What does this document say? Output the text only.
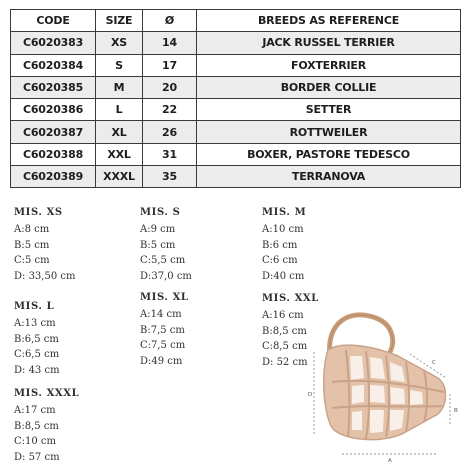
CODE	SIZE	Ø	BREEDS AS REFERENCE
C6020383	XS	14	JACK RUSSEL TERRIER
C6020384	S	17	FOXTERRIER
C6020385	M	20	BORDER COLLIE
C6020386	L	22	SETTER
C6020387	XL	26	ROTTWEILER
C6020388	XXL	31	BOXER, PASTORE TEDESCO
C6020389	XXXL	35	TERRANOVA
MIS. XS
A:8 cm
B:5 cm
C:5 cm
D: 33,50 cm
MIS. S
A:9 cm
B:5 cm
C:5,5 cm
D:37,0 cm
MIS. M
A:10 cm
B:6 cm
C:6 cm
D:40 cm
MIS. L
A:13 cm
B:6,5 cm
C:6,5 cm
D: 43 cm
MIS. XL
A:14 cm
B:7,5 cm
C:7,5 cm
D:49 cm
MIS. XXL
A:16 cm
B:8,5 cm
C:8,5 cm
D: 52 cm
MIS. XXXL
A:17 cm
B:8,5 cm
C:10 cm
D: 57 cm
D
A
C
B
